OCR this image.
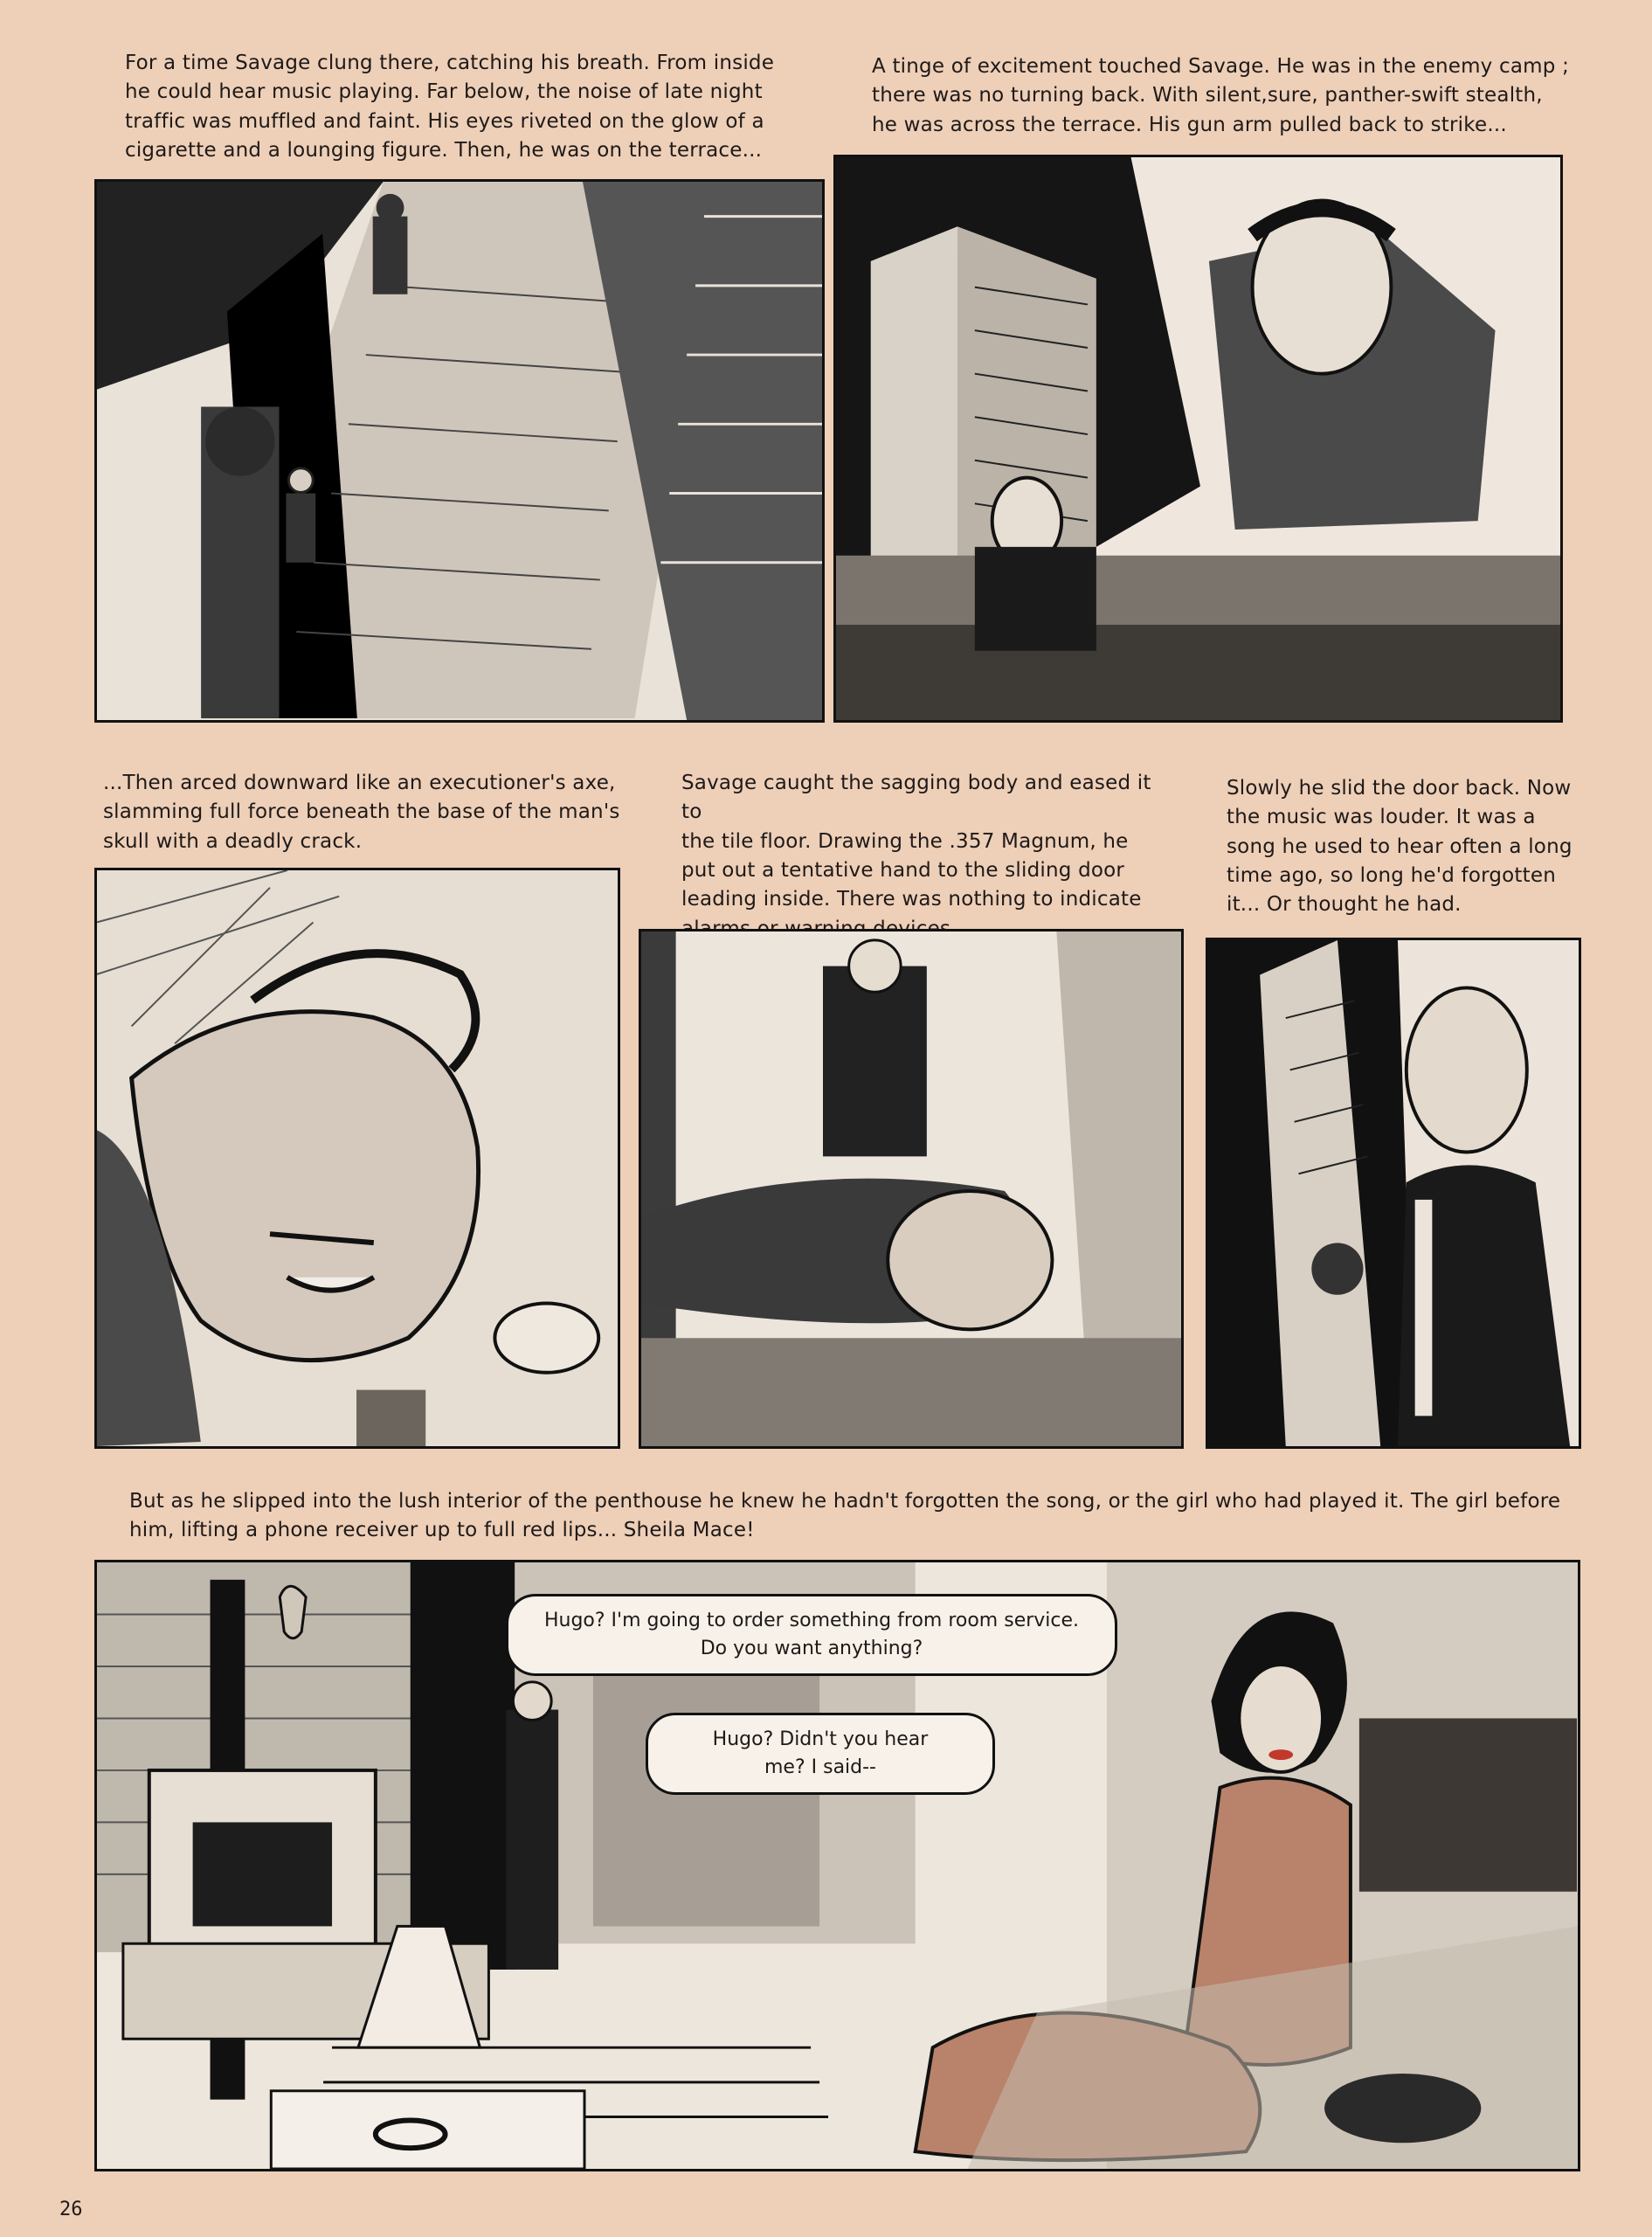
For a time Savage clung there, catching his breath. From inside
he could hear music playing. Far below, the noise of late night
traffic was muffled and faint. His eyes riveted on the glow of a
cigarette and a lounging figure. Then, he was on the terrace...

A tinge of excitement touched Savage. He was in the enemy camp ;
there was no turning back. With silent,sure, panther-swift stealth,
he was across the terrace. His gun arm pulled back to strike...

...Then arced downward like an executioner's axe,
slamming full force beneath the base of the man's
skull with a deadly crack.

Savage caught the sagging body and eased it to
the tile floor. Drawing the .357 Magnum, he
put out a tentative hand to the sliding door
leading inside. There was nothing to indicate

Slowly he slid the door back. Now
the music was louder. It was a
song he used to hear often a long
time ago, so long he'd forgotten
it... Or thought he had.

But as he slipped into the lush interior of the penthouse he knew he hadn't forgotten the song, or the girl who had played it. The girl before
him, lifting a phone receiver up to full red lips... Sheila Mace!

Hugo? I'm going to order something from room service.
Do you want anything?
Hugo? Didn't you hear
me? I said--
26
